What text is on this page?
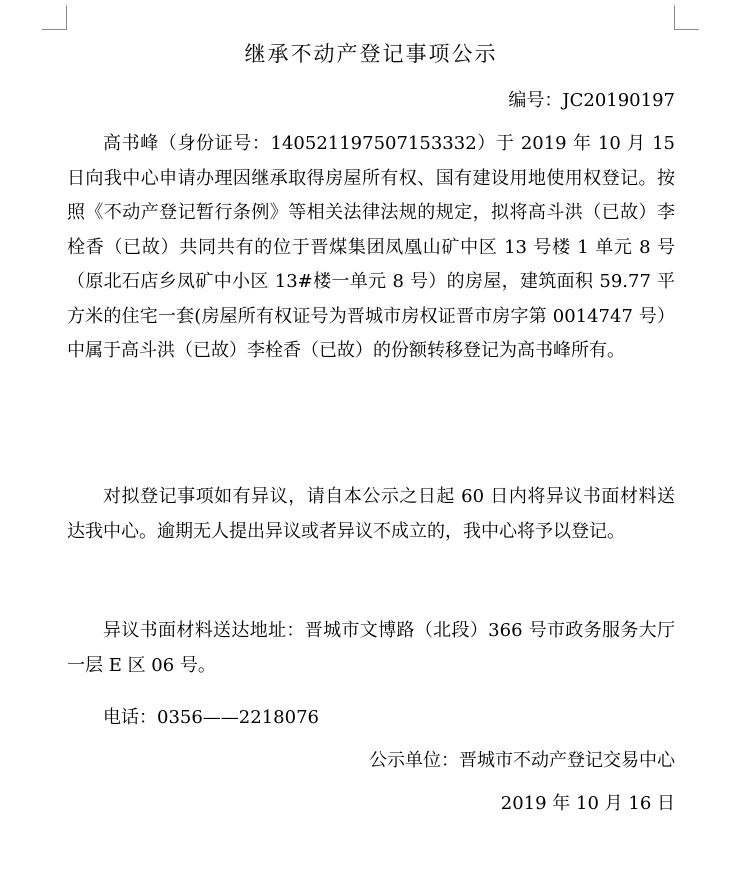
继承不动产登记事项公示
编号：JC20190197

高书峰（身份证号：140521197507153332）于 2019 年 10 月 15 日向我中心申请办理因继承取得房屋所有权、国有建设用地使用权登记。按照《不动产登记暂行条例》等相关法律法规的规定，拟将高斗洪（已故）李栓香（已故）共同共有的位于晋煤集团凤凰山矿中区 13 号楼 1 单元 8 号（原北石店乡凤矿中小区 13#楼一单元 8 号）的房屋，建筑面积 59.77 平方米的住宅一套(房屋所有权证号为晋城市房权证晋市房字第 0014747 号）中属于高斗洪（已故）李栓香（已故）的份额转移登记为高书峰所有。

对拟登记事项如有异议，请自本公示之日起 60 日内将异议书面材料送达我中心。逾期无人提出异议或者异议不成立的，我中心将予以登记。

异议书面材料送达地址：晋城市文博路（北段）366 号市政务服务大厅一层 E 区 06 号。

电话：0356——2218076

公示单位：晋城市不动产登记交易中心
2019 年 10 月 16 日
